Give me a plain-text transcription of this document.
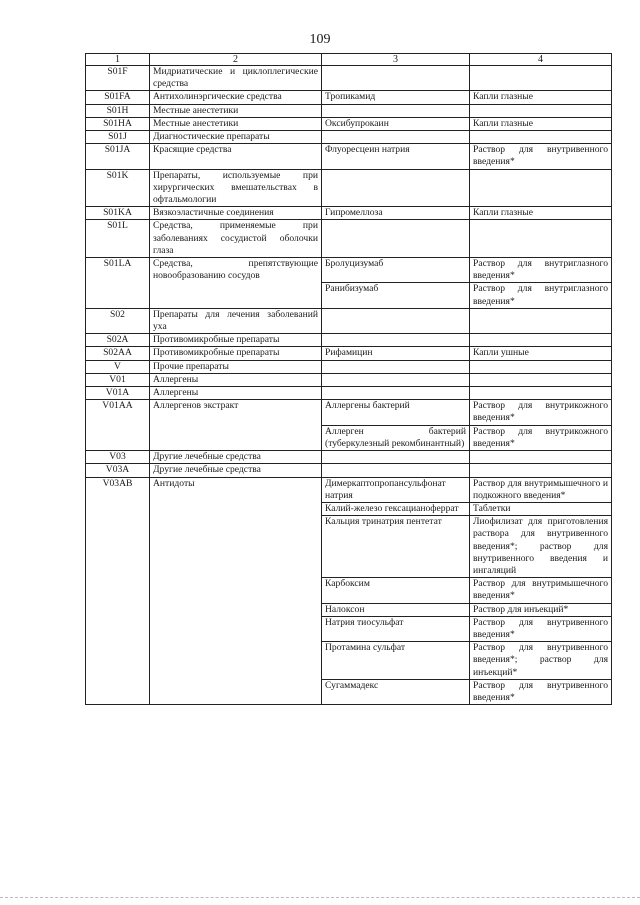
109
1	2	3	4
S01F	Мидриатические и циклоплегические средства		
S01FA	Антихолинэргические средства	Тропикамид	Капли глазные
S01H	Местные анестетики		
S01HA	Местные анестетики	Оксибупрокаин	Капли глазные
S01J	Диагностические препараты		
S01JA	Красящие средства	Флуоресцеин натрия	Раствор для внутривенного введения*
S01K	Препараты, используемые при хирургических вмешательствах в офтальмологии		
S01KA	Вязкоэластичные соединения	Гипромеллоза	Капли глазные
S01L	Средства, применяемые при заболеваниях сосудистой оболочки глаза		
S01LA	Средства, препятствующие новообразованию сосудов	Бролуцизумаб	Раствор для внутриглазного введения*
		Ранибизумаб	Раствор для внутриглазного введения*
S02	Препараты для лечения заболеваний уха		
S02A	Противомикробные препараты		
S02AA	Противомикробные препараты	Рифамицин	Капли ушные
V	Прочие препараты		
V01	Аллергены		
V01A	Аллергены		
V01AA	Аллергенов экстракт	Аллергены бактерий	Раствор для внутрикожного введения*
		Аллерген бактерий (туберкулезный рекомбинантный)	Раствор для внутрикожного введения*
V03	Другие лечебные средства		
V03A	Другие лечебные средства		
V03AB	Антидоты	Димеркаптопропансульфонат натрия	Раствор для внутримышечного и подкожного введения*
		Калий-железо гексацианоферрат	Таблетки
		Кальция тринатрия пентетат	Лиофилизат для приготовления раствора для внутривенного введения*; раствор для внутривенного введения и ингаляций
		Карбоксим	Раствор для внутримышечного введения*
		Налоксон	Раствор для инъекций*
		Натрия тиосульфат	Раствор для внутривенного введения*
		Протамина сульфат	Раствор для внутривенного введения*; раствор для инъекций*
		Сугаммадекс	Раствор для внутривенного введения*
